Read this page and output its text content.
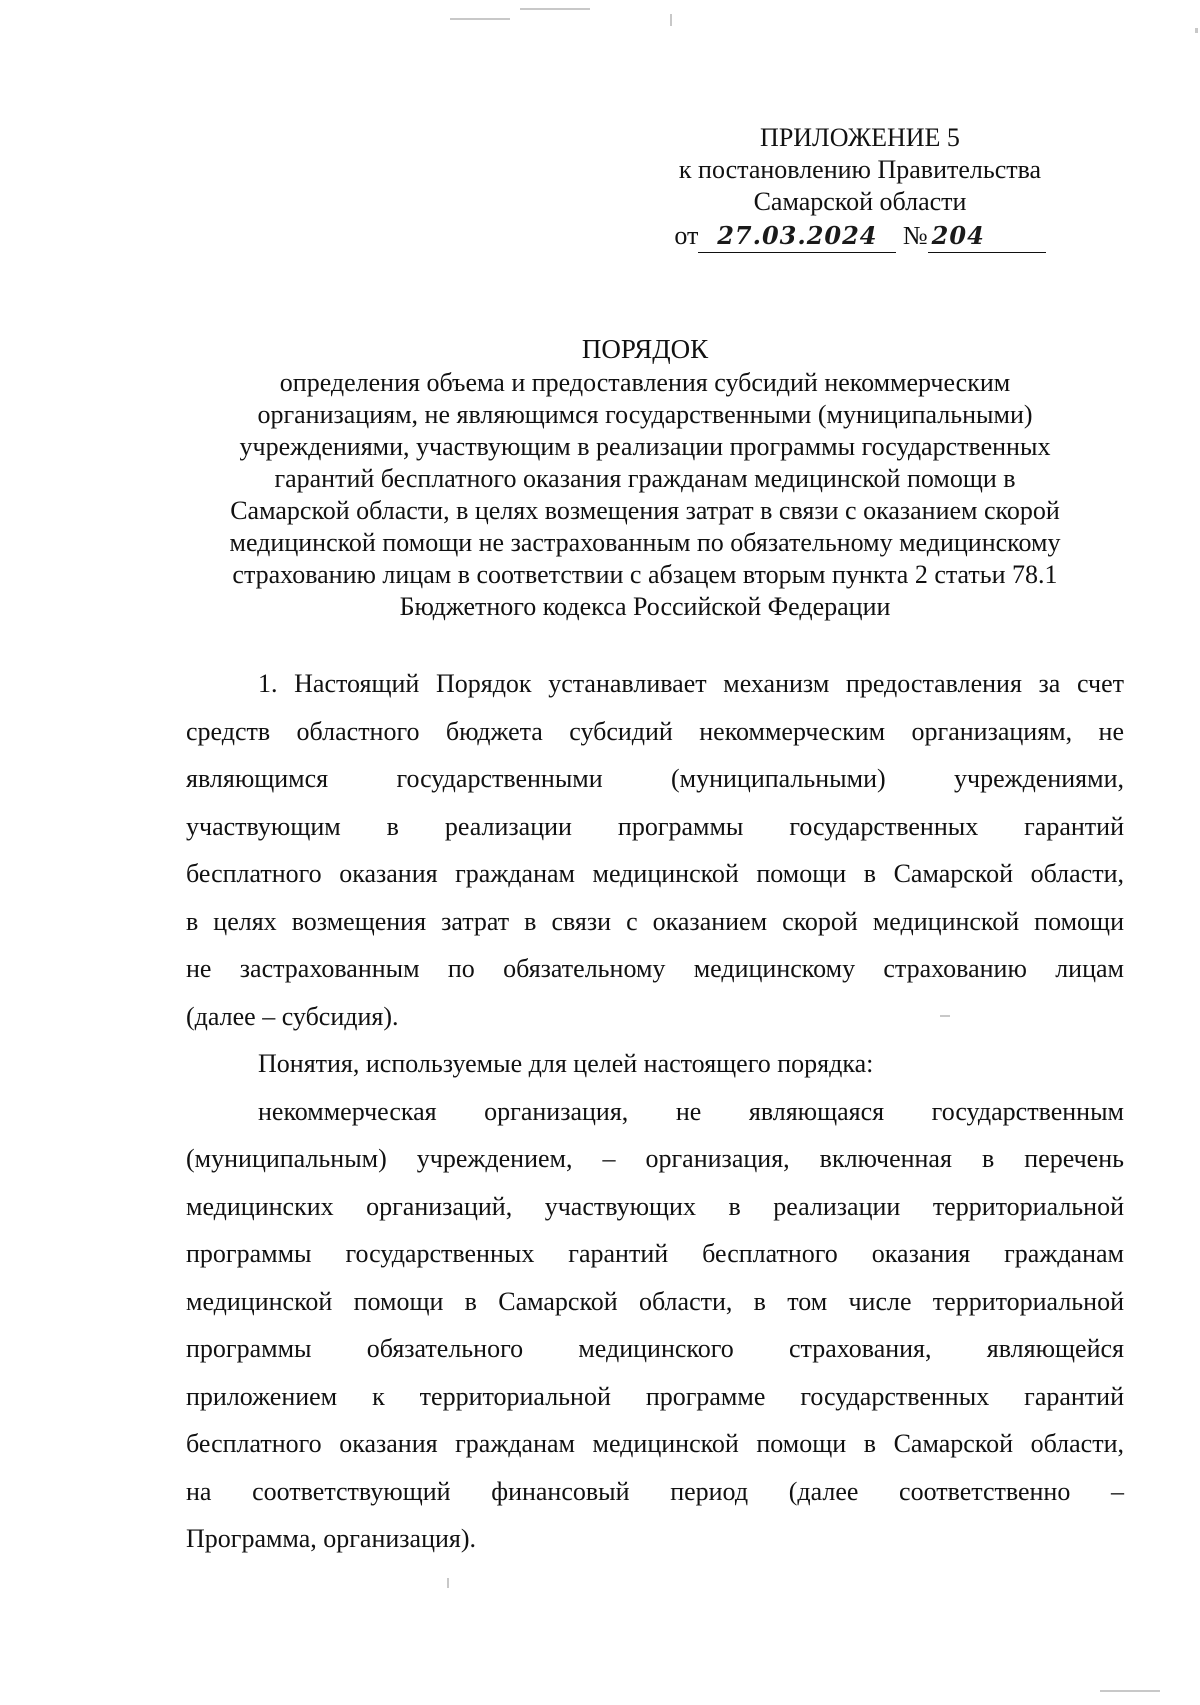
ПРИЛОЖЕНИЕ 5
к постановлению Правительства
Самарской области
от 27.03.2024 № 204
ПОРЯДОК
определения объема и предоставления субсидий некоммерческим
организациям, не являющимся государственными (муниципальными)
учреждениями, участвующим в реализации программы государственных
гарантий бесплатного оказания гражданам медицинской помощи в
Самарской области, в целях возмещения затрат в связи с оказанием скорой
медицинской помощи не застрахованным по обязательному медицинскому
страхованию лицам в соответствии с абзацем вторым пункта 2 статьи 78.1
Бюджетного кодекса Российской Федерации
1. Настоящий Порядок устанавливает механизм предоставления за счет
средств областного бюджета субсидий некоммерческим организациям, не
являющимся государственными (муниципальными) учреждениями,
участвующим в реализации программы государственных гарантий
бесплатного оказания гражданам медицинской помощи в Самарской области,
в целях возмещения затрат в связи с оказанием скорой медицинской помощи
не застрахованным по обязательному медицинскому страхованию лицам
(далее – субсидия).
Понятия, используемые для целей настоящего порядка:
некоммерческая организация, не являющаяся государственным
(муниципальным) учреждением, – организация, включенная в перечень
медицинских организаций, участвующих в реализации территориальной
программы государственных гарантий бесплатного оказания гражданам
медицинской помощи в Самарской области, в том числе территориальной
программы обязательного медицинского страхования, являющейся
приложением к территориальной программе государственных гарантий
бесплатного оказания гражданам медицинской помощи в Самарской области,
на соответствующий финансовый период (далее соответственно –
Программа, организация).
